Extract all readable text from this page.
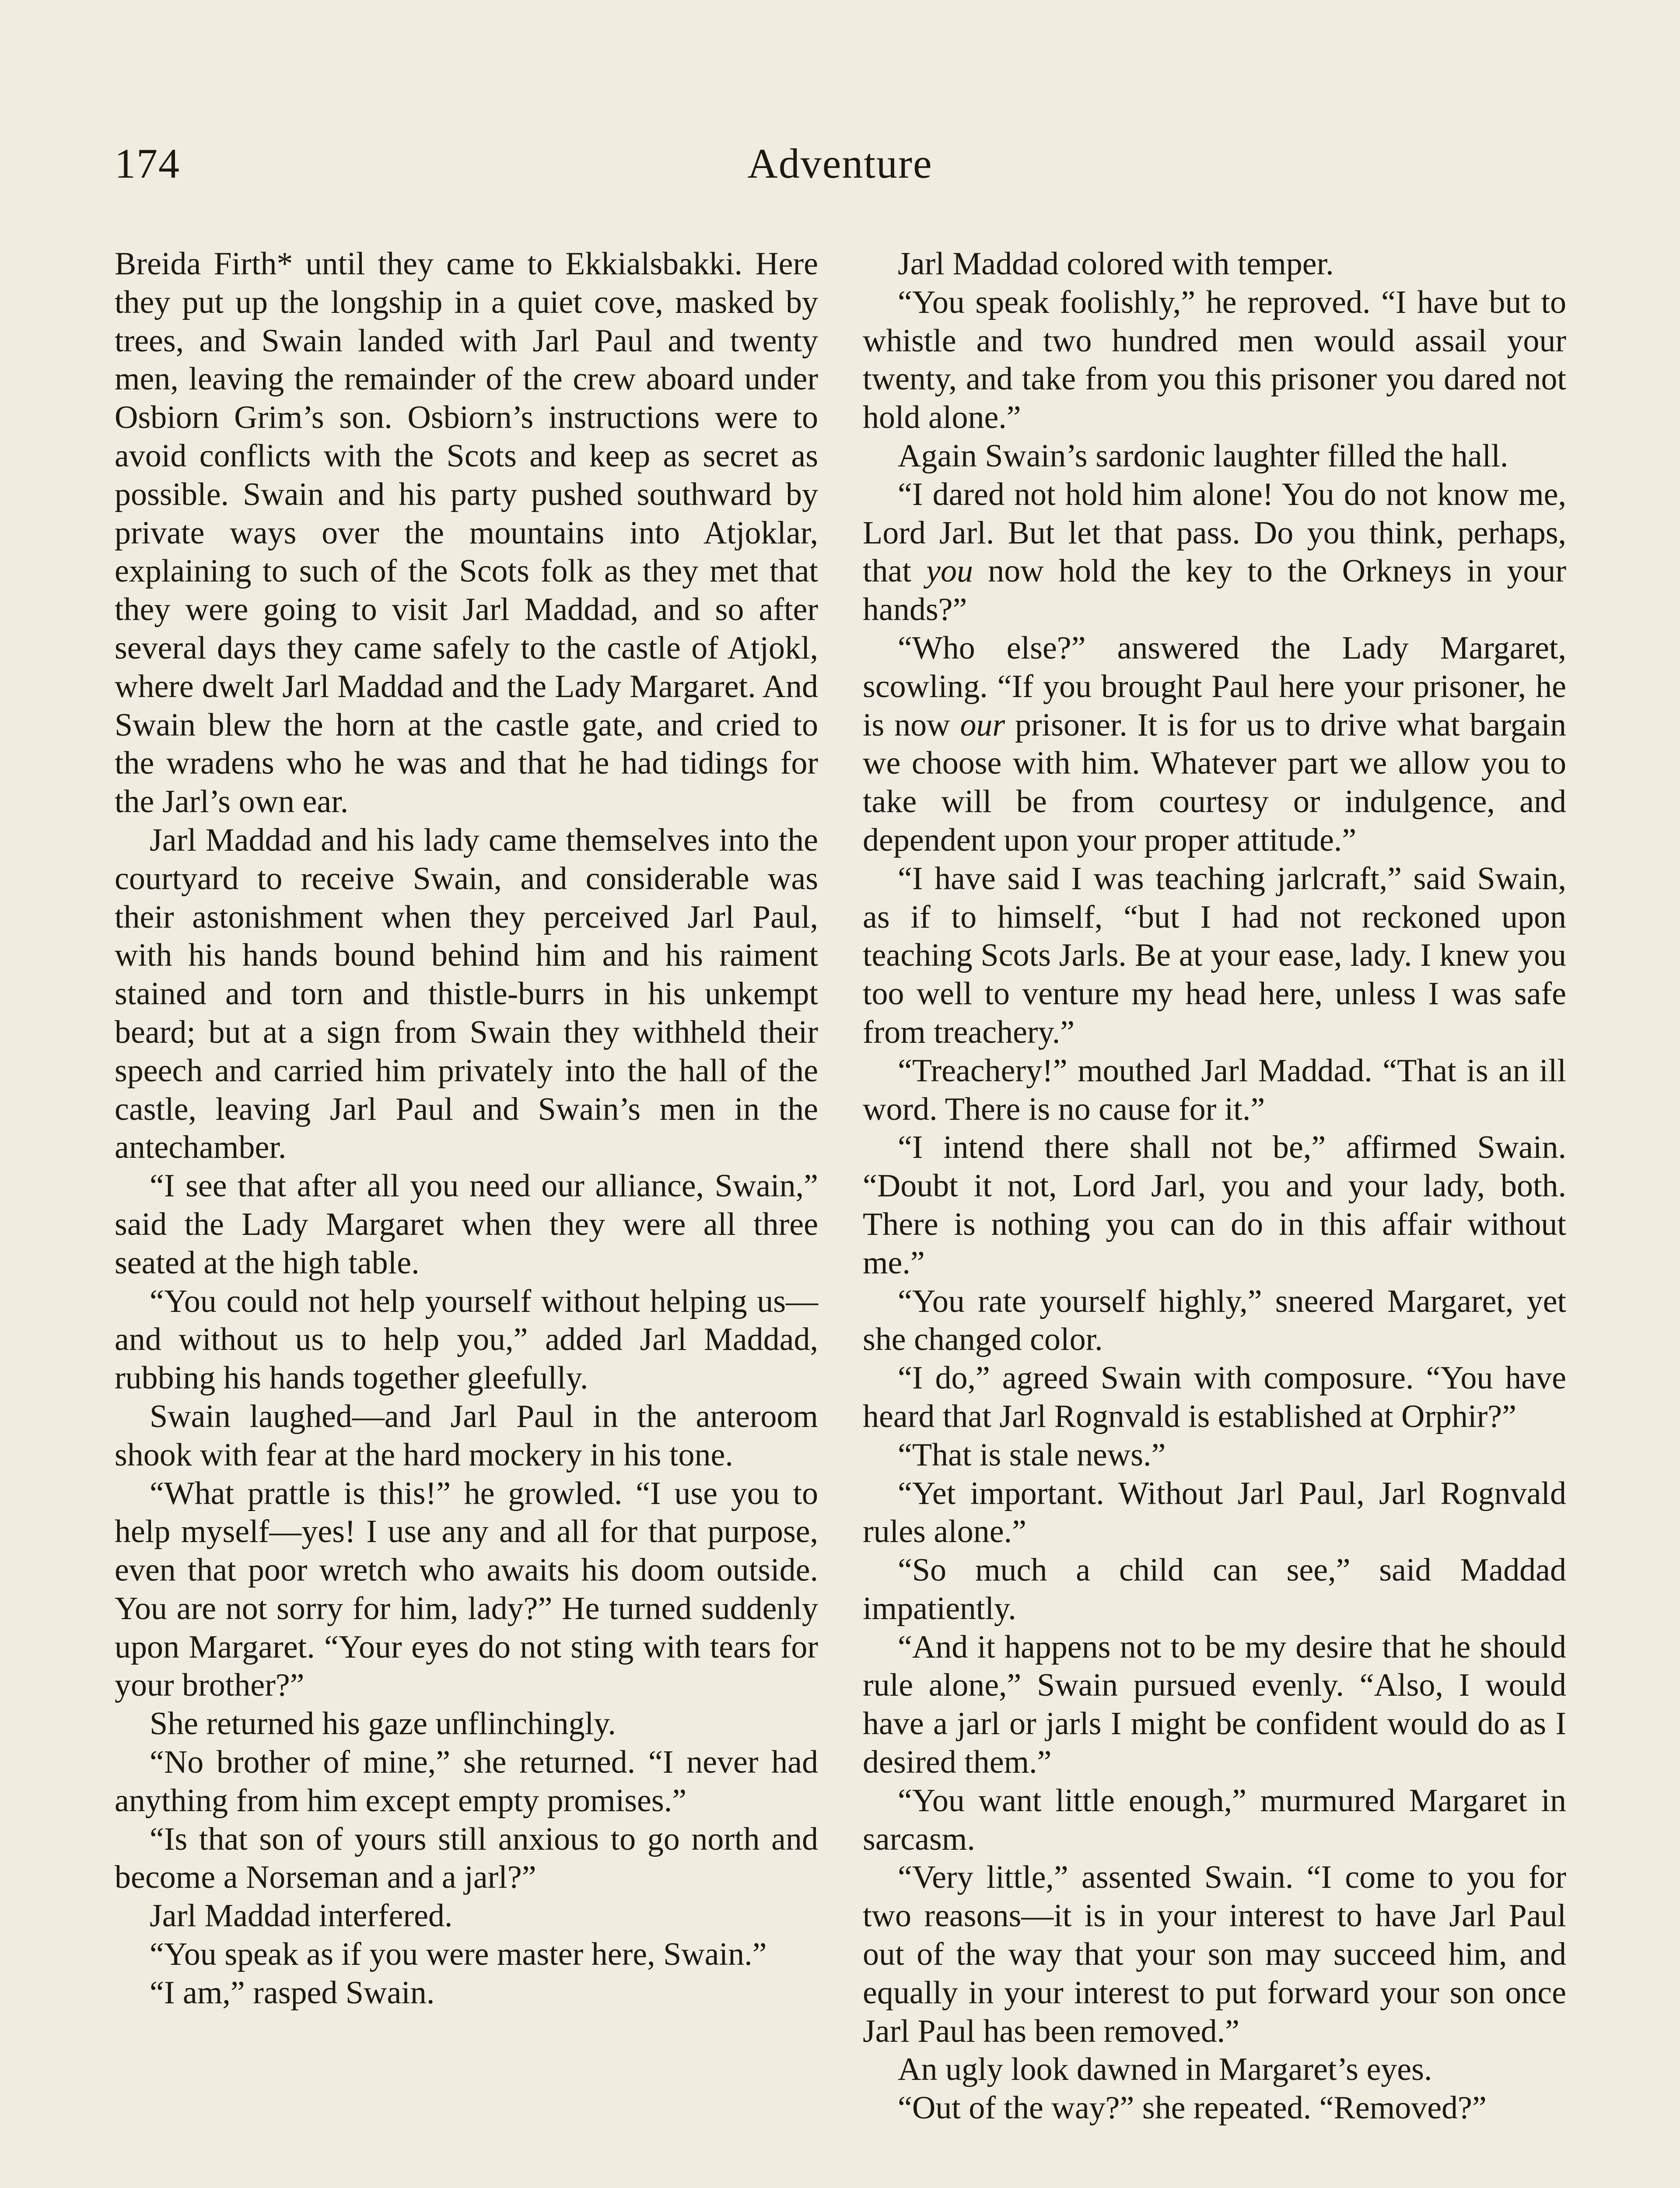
174	Adventure

Breida Firth* until they came to Ekkialsbakki. Here they put up the longship in a quiet cove, masked by trees, and Swain landed with Jarl Paul and twenty men, leaving the remainder of the crew aboard under Osbiorn Grim’s son. Osbiorn’s instructions were to avoid conflicts with the Scots and keep as secret as possible. Swain and his party pushed southward by private ways over the mountains into Atjoklar, explaining to such of the Scots folk as they met that they were going to visit Jarl Maddad, and so after several days they came safely to the castle of Atjokl, where dwelt Jarl Maddad and the Lady Margaret. And Swain blew the horn at the castle gate, and cried to the wradens who he was and that he had tidings for the Jarl’s own ear.

Jarl Maddad and his lady came themselves into the courtyard to receive Swain, and considerable was their astonishment when they perceived Jarl Paul, with his hands bound behind him and his raiment stained and torn and thistle-burrs in his unkempt beard; but at a sign from Swain they withheld their speech and carried him privately into the hall of the castle, leaving Jarl Paul and Swain’s men in the antechamber.

“I see that after all you need our alliance, Swain,” said the Lady Margaret when they were all three seated at the high table.

“You could not help yourself without helping us—and without us to help you,” added Jarl Maddad, rubbing his hands together gleefully.

Swain laughed—and Jarl Paul in the anteroom shook with fear at the hard mockery in his tone.

“What prattle is this!” he growled. “I use you to help myself—yes! I use any and all for that purpose, even that poor wretch who awaits his doom outside. You are not sorry for him, lady?” He turned suddenly upon Margaret. “Your eyes do not sting with tears for your brother?”

She returned his gaze unflinchingly.

“No brother of mine,” she returned. “I never had anything from him except empty promises.”

“Is that son of yours still anxious to go north and become a Norseman and a jarl?”

Jarl Maddad interfered.

“You speak as if you were master here, Swain.”

“I am,” rasped Swain.

Jarl Maddad colored with temper.

“You speak foolishly,” he reproved. “I have but to whistle and two hundred men would assail your twenty, and take from you this prisoner you dared not hold alone.”

Again Swain’s sardonic laughter filled the hall.

“I dared not hold him alone! You do not know me, Lord Jarl. But let that pass. Do you think, perhaps, that you now hold the key to the Orkneys in your hands?”

“Who else?” answered the Lady Margaret, scowling. “If you brought Paul here your prisoner, he is now our prisoner. It is for us to drive what bargain we choose with him. Whatever part we allow you to take will be from courtesy or indulgence, and dependent upon your proper attitude.”

“I have said I was teaching jarlcraft,” said Swain, as if to himself, “but I had not reckoned upon teaching Scots Jarls. Be at your ease, lady. I knew you too well to venture my head here, unless I was safe from treachery.”

“Treachery!” mouthed Jarl Maddad. “That is an ill word. There is no cause for it.”

“I intend there shall not be,” affirmed Swain. “Doubt it not, Lord Jarl, you and your lady, both. There is nothing you can do in this affair without me.”

“You rate yourself highly,” sneered Margaret, yet she changed color.

“I do,” agreed Swain with composure. “You have heard that Jarl Rognvald is established at Orphir?”

“That is stale news.”

“Yet important. Without Jarl Paul, Jarl Rognvald rules alone.”

“So much a child can see,” said Maddad impatiently.

“And it happens not to be my desire that he should rule alone,” Swain pursued evenly. “Also, I would have a jarl or jarls I might be confident would do as I desired them.”

“You want little enough,” murmured Margaret in sarcasm.

“Very little,” assented Swain. “I come to you for two reasons—it is in your interest to have Jarl Paul out of the way that your son may succeed him, and equally in your interest to put forward your son once Jarl Paul has been removed.”

An ugly look dawned in Margaret’s eyes.

“Out of the way?” she repeated. “Removed?”
